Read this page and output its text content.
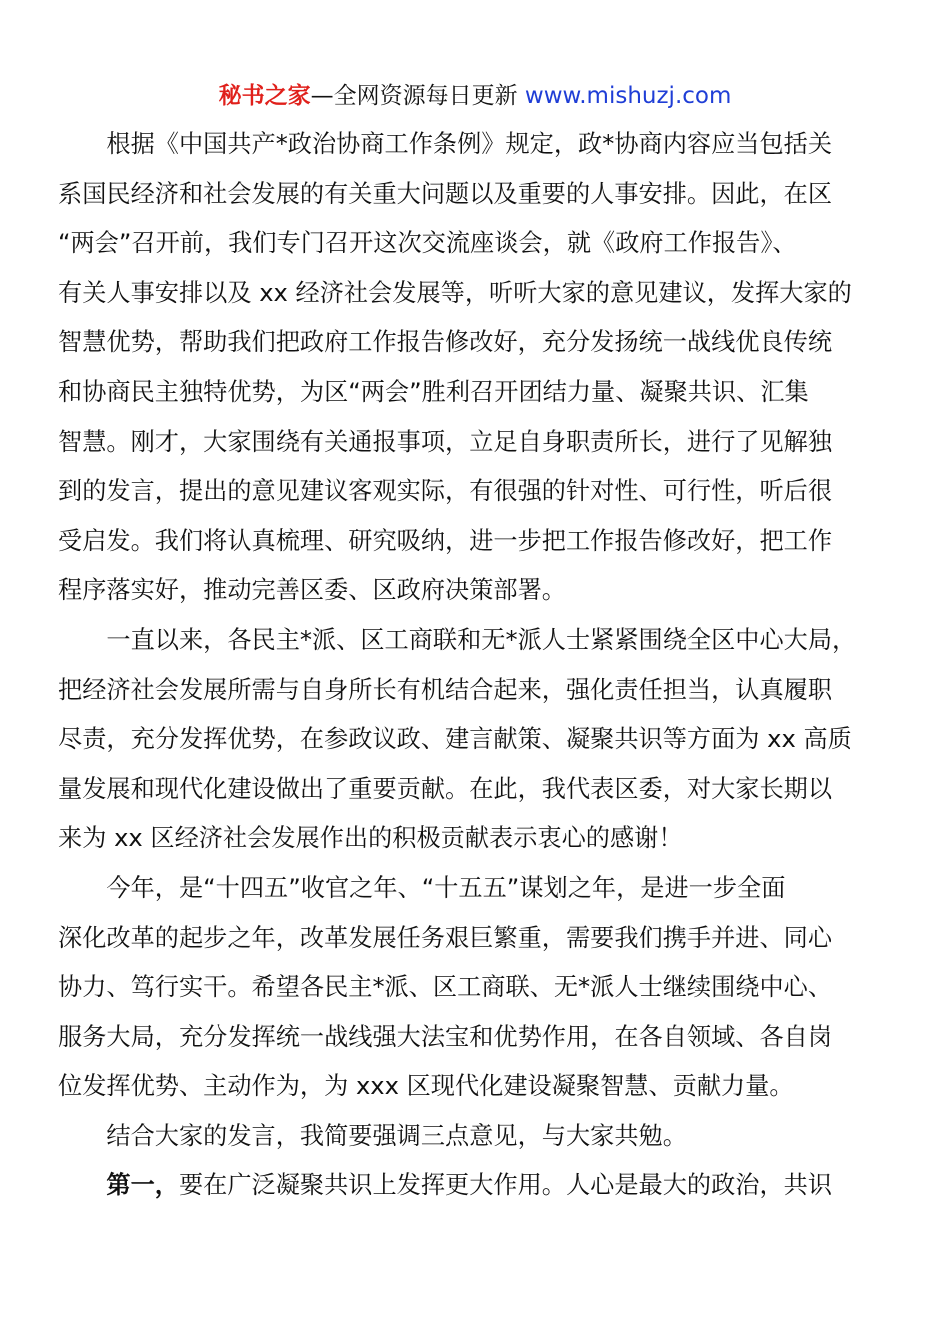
秘书之家—全网资源每日更新 www.mishuzj.com

根据《中国共产*政治协商工作条例》规定，政*协商内容应当包括关
系国民经济和社会发展的有关重大问题以及重要的人事安排。因此，在区
“两会”召开前，我们专门召开这次交流座谈会，就《政府工作报告》、
有关人事安排以及 xx 经济社会发展等，听听大家的意见建议，发挥大家的
智慧优势，帮助我们把政府工作报告修改好，充分发扬统一战线优良传统
和协商民主独特优势，为区“两会”胜利召开团结力量、凝聚共识、汇集
智慧。刚才，大家围绕有关通报事项，立足自身职责所长，进行了见解独
到的发言，提出的意见建议客观实际，有很强的针对性、可行性，听后很
受启发。我们将认真梳理、研究吸纳，进一步把工作报告修改好，把工作
程序落实好，推动完善区委、区政府决策部署。

一直以来，各民主*派、区工商联和无*派人士紧紧围绕全区中心大局，
把经济社会发展所需与自身所长有机结合起来，强化责任担当，认真履职
尽责，充分发挥优势，在参政议政、建言献策、凝聚共识等方面为 xx 高质
量发展和现代化建设做出了重要贡献。在此，我代表区委，对大家长期以
来为 xx 区经济社会发展作出的积极贡献表示衷心的感谢！

今年，是“十四五”收官之年、“十五五”谋划之年，是进一步全面
深化改革的起步之年，改革发展任务艰巨繁重，需要我们携手并进、同心
协力、笃行实干。希望各民主*派、区工商联、无*派人士继续围绕中心、
服务大局，充分发挥统一战线强大法宝和优势作用，在各自领域、各自岗
位发挥优势、主动作为，为 xxx 区现代化建设凝聚智慧、贡献力量。

结合大家的发言，我简要强调三点意见，与大家共勉。

第一，要在广泛凝聚共识上发挥更大作用。人心是最大的政治，共识
